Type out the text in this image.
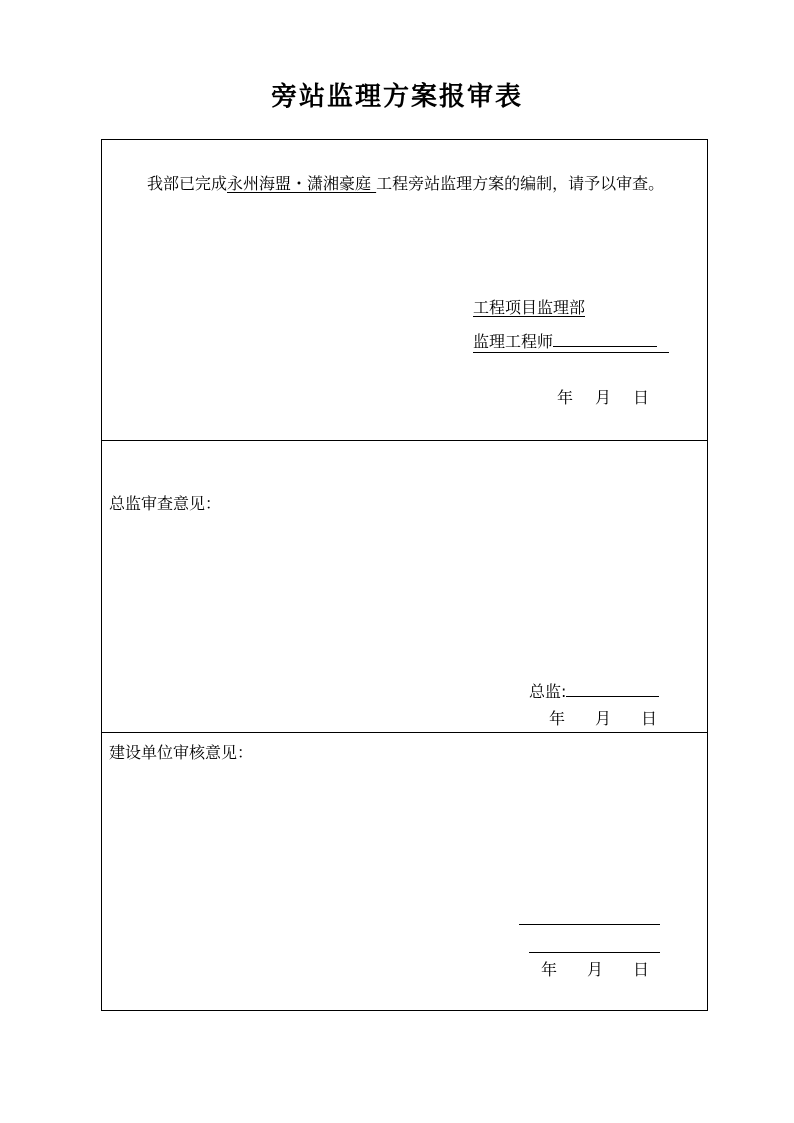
旁站监理方案报审表
我部已完成永州海盟・潇湘豪庭 工程旁站监理方案的编制，请予以审查。
工程项目监理部
监理工程师
年 月 日
总监审查意见：
总监:
年 月 日
建设单位审核意见：
年 月 日
